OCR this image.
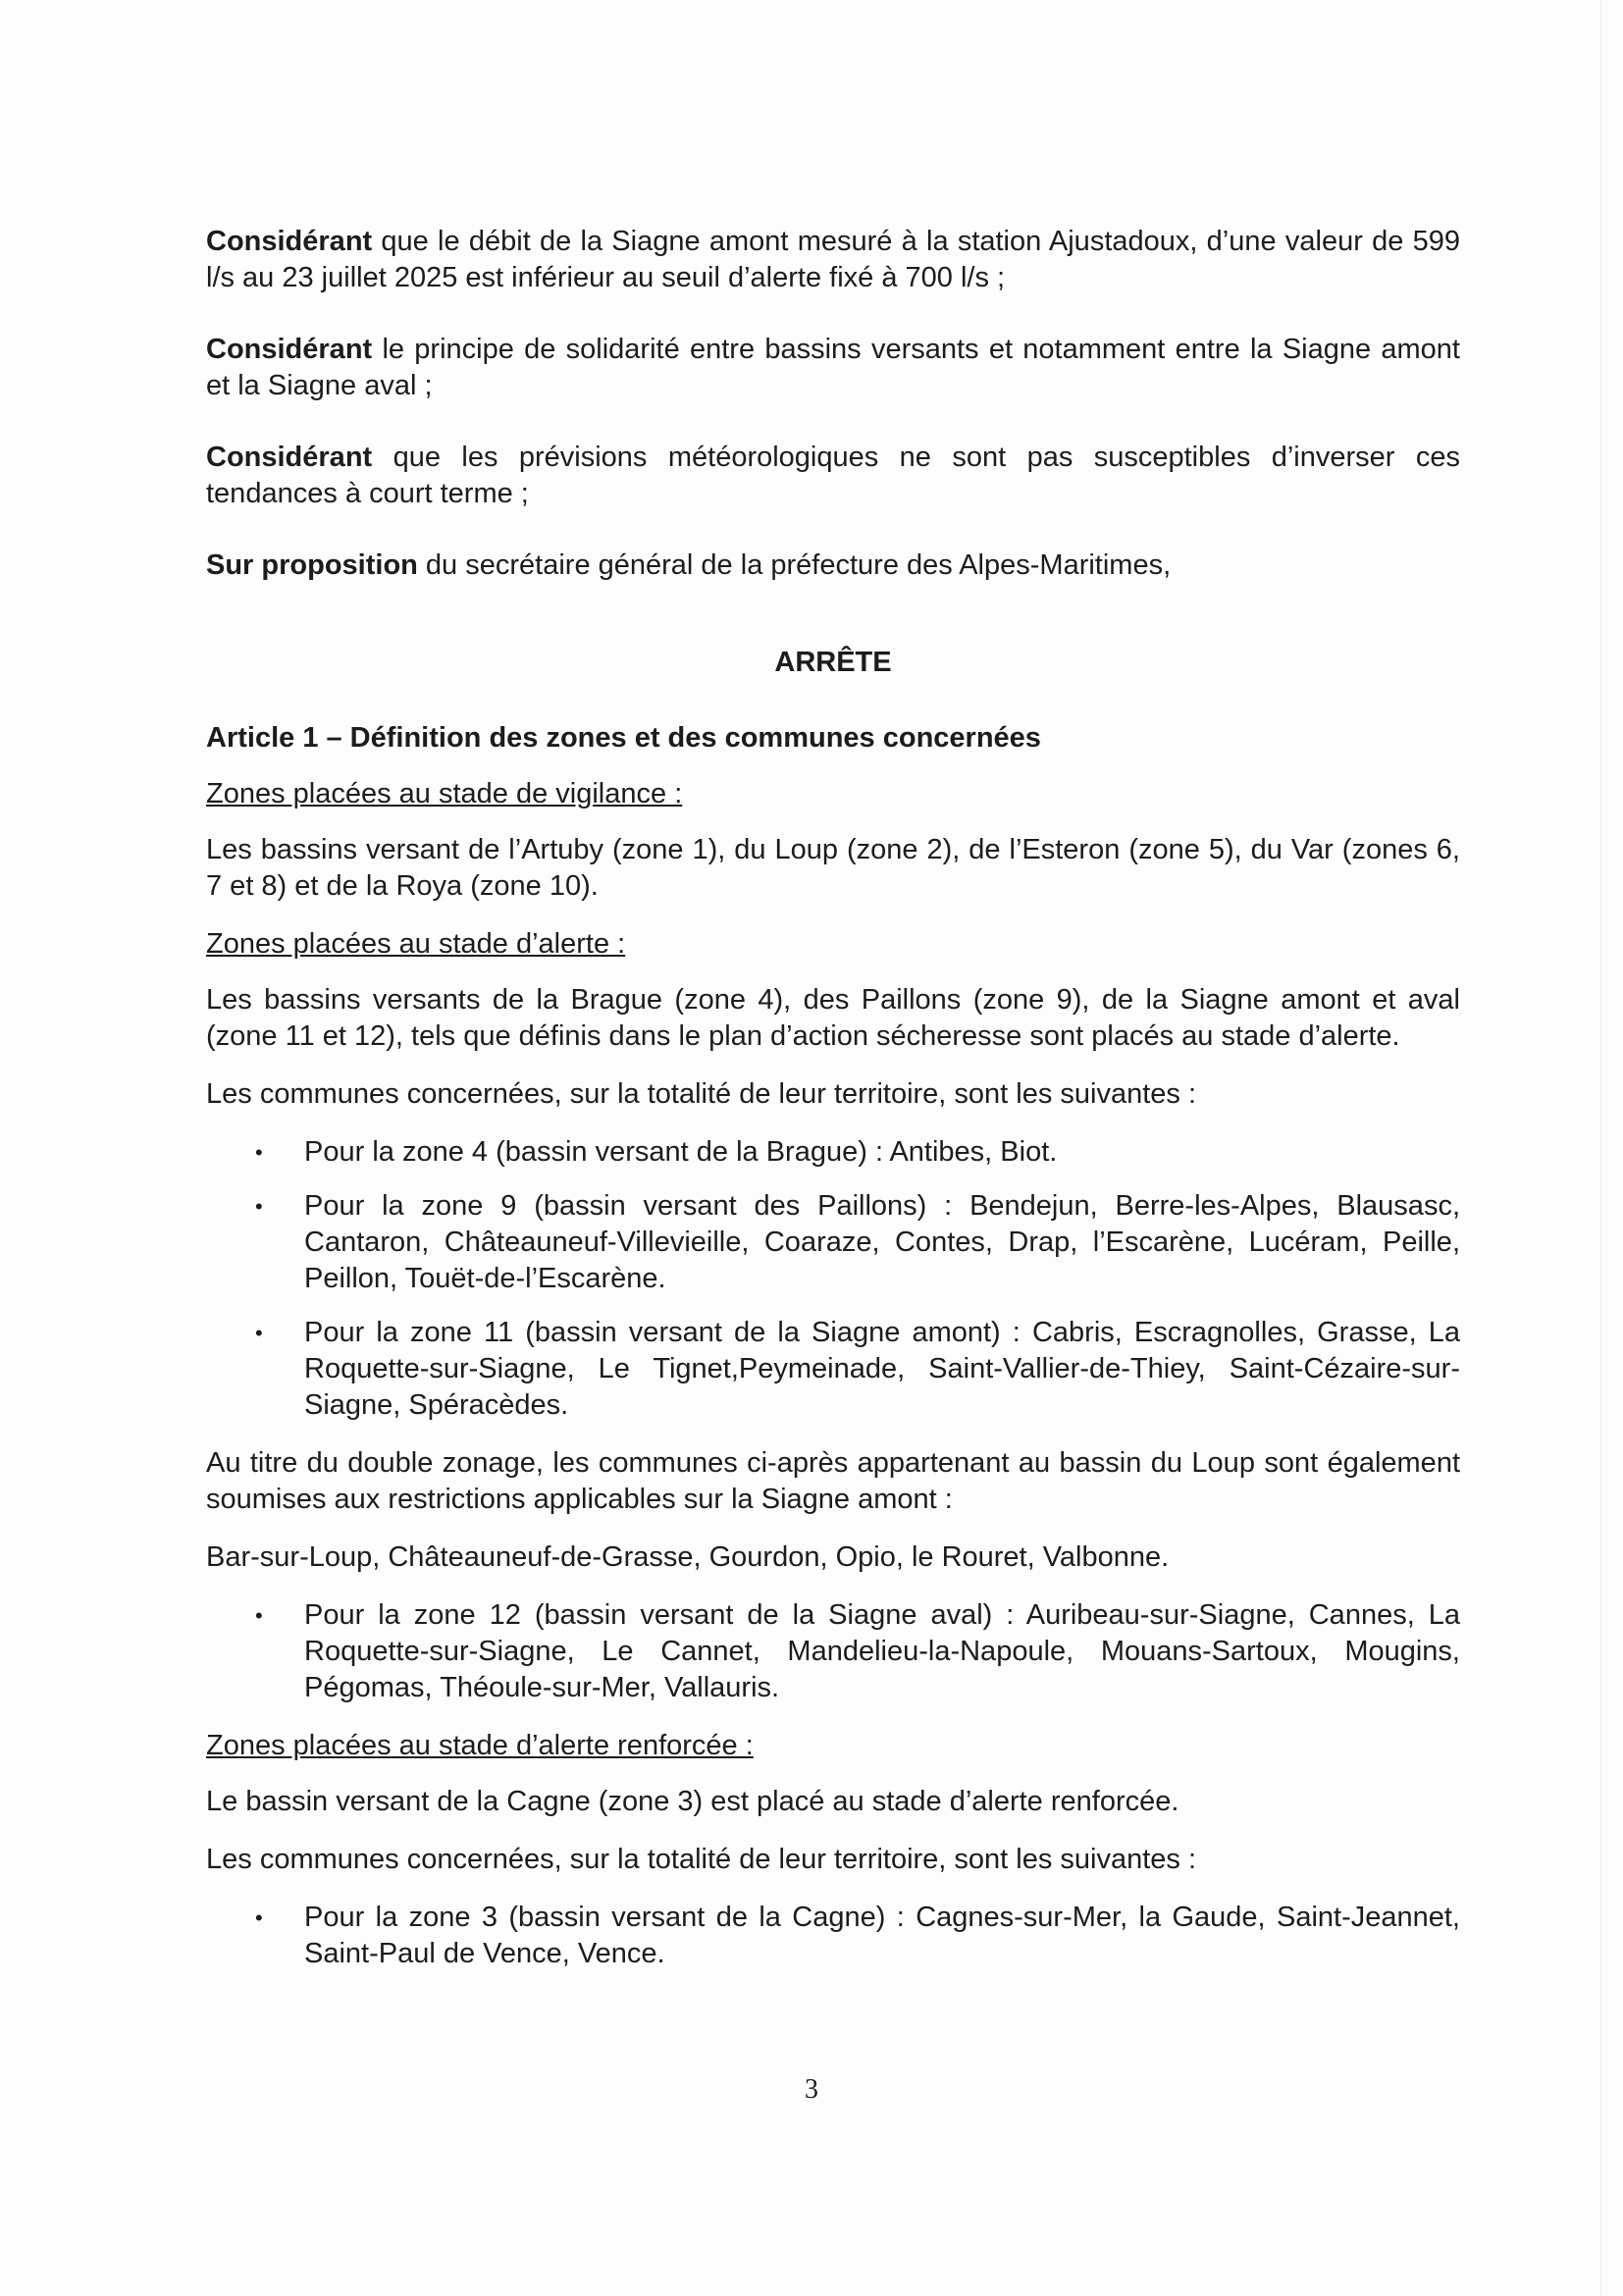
Considérant que le débit de la Siagne amont mesuré à la station Ajustadoux, d’une valeur de 599 l/s au 23 juillet 2025 est inférieur au seuil d’alerte fixé à 700 l/s ;

Considérant le principe de solidarité entre bassins versants et notamment entre la Siagne amont et la Siagne aval ;

Considérant que les prévisions météorologiques ne sont pas susceptibles d’inverser ces tendances à court terme ;

Sur proposition du secrétaire général de la préfecture des Alpes-Maritimes,

ARRÊTE
Article 1 – Définition des zones et des communes concernées
Zones placées au stade de vigilance :

Les bassins versant de l’Artuby (zone 1), du Loup (zone 2), de l’Esteron (zone 5), du Var (zones 6, 7 et 8) et de la Roya (zone 10).

Zones placées au stade d’alerte :

Les bassins versants de la Brague (zone 4), des Paillons (zone 9), de la Siagne amont et aval (zone 11 et 12), tels que définis dans le plan d’action sécheresse sont placés au stade d’alerte.

Les communes concernées, sur la totalité de leur territoire, sont les suivantes :

• Pour la zone 4 (bassin versant de la Brague) : Antibes, Biot.
• Pour la zone 9 (bassin versant des Paillons) : Bendejun, Berre-les-Alpes, Blausasc, Cantaron, Châteauneuf-Villevieille, Coaraze, Contes, Drap, l’Escarène, Lucéram, Peille, Peillon, Touët-de-l’Escarène.
• Pour la zone 11 (bassin versant de la Siagne amont) : Cabris, Escragnolles, Grasse, La Roquette-sur-Siagne, Le Tignet,Peymeinade, Saint-Vallier-de-Thiey, Saint-Cézaire-sur-Siagne, Spéracèdes.

Au titre du double zonage, les communes ci-après appartenant au bassin du Loup sont également soumises aux restrictions applicables sur la Siagne amont :

Bar-sur-Loup, Châteauneuf-de-Grasse, Gourdon, Opio, le Rouret, Valbonne.

• Pour la zone 12 (bassin versant de la Siagne aval) : Auribeau-sur-Siagne, Cannes, La Roquette-sur-Siagne, Le Cannet, Mandelieu-la-Napoule, Mouans-Sartoux, Mougins, Pégomas, Théoule-sur-Mer, Vallauris.
Zones placées au stade d’alerte renforcée :

Le bassin versant de la Cagne (zone 3) est placé au stade d’alerte renforcée.

Les communes concernées, sur la totalité de leur territoire, sont les suivantes :

• Pour la zone 3 (bassin versant de la Cagne) : Cagnes-sur-Mer, la Gaude, Saint-Jeannet, Saint-Paul de Vence, Vence.
3
